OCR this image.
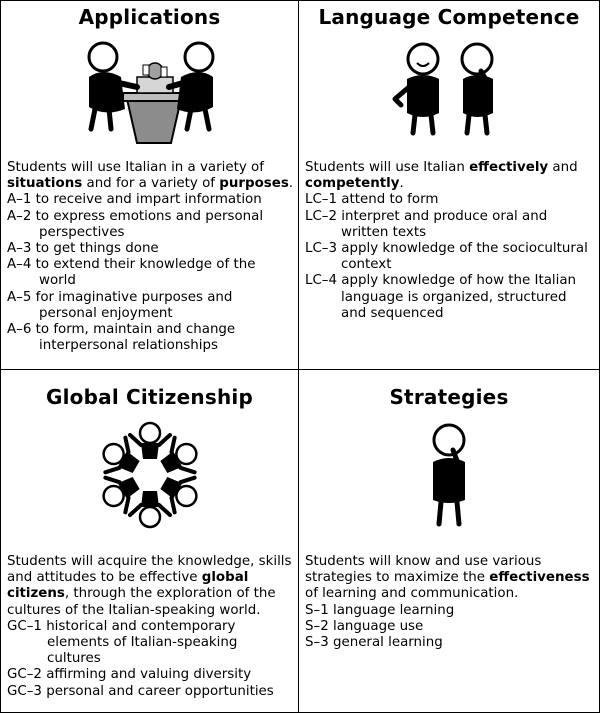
Applications

Students will use Italian in a variety of situations and for a variety of purposes.

A–1 to receive and impart information
A–2 to express emotions and personal perspectives
A–3 to get things done
A–4 to extend their knowledge of the world
A–5 for imaginative purposes and personal enjoyment
A–6 to form, maintain and change interpersonal relationships
Language Competence

Students will use Italian effectively and competently.

LC–1 attend to form
LC–2 interpret and produce oral and written texts
LC–3 apply knowledge of the sociocultural context
LC–4 apply knowledge of how the Italian language is organized, structured and sequenced
Global Citizenship

Students will acquire the knowledge, skills and attitudes to be effective global citizens, through the exploration of the cultures of the Italian-speaking world.

GC–1 historical and contemporary elements of Italian-speaking cultures
GC–2 affirming and valuing diversity
GC–3 personal and career opportunities
Strategies

Students will know and use various strategies to maximize the effectiveness of learning and communication.

S–1 language learning
S–2 language use
S–3 general learning
